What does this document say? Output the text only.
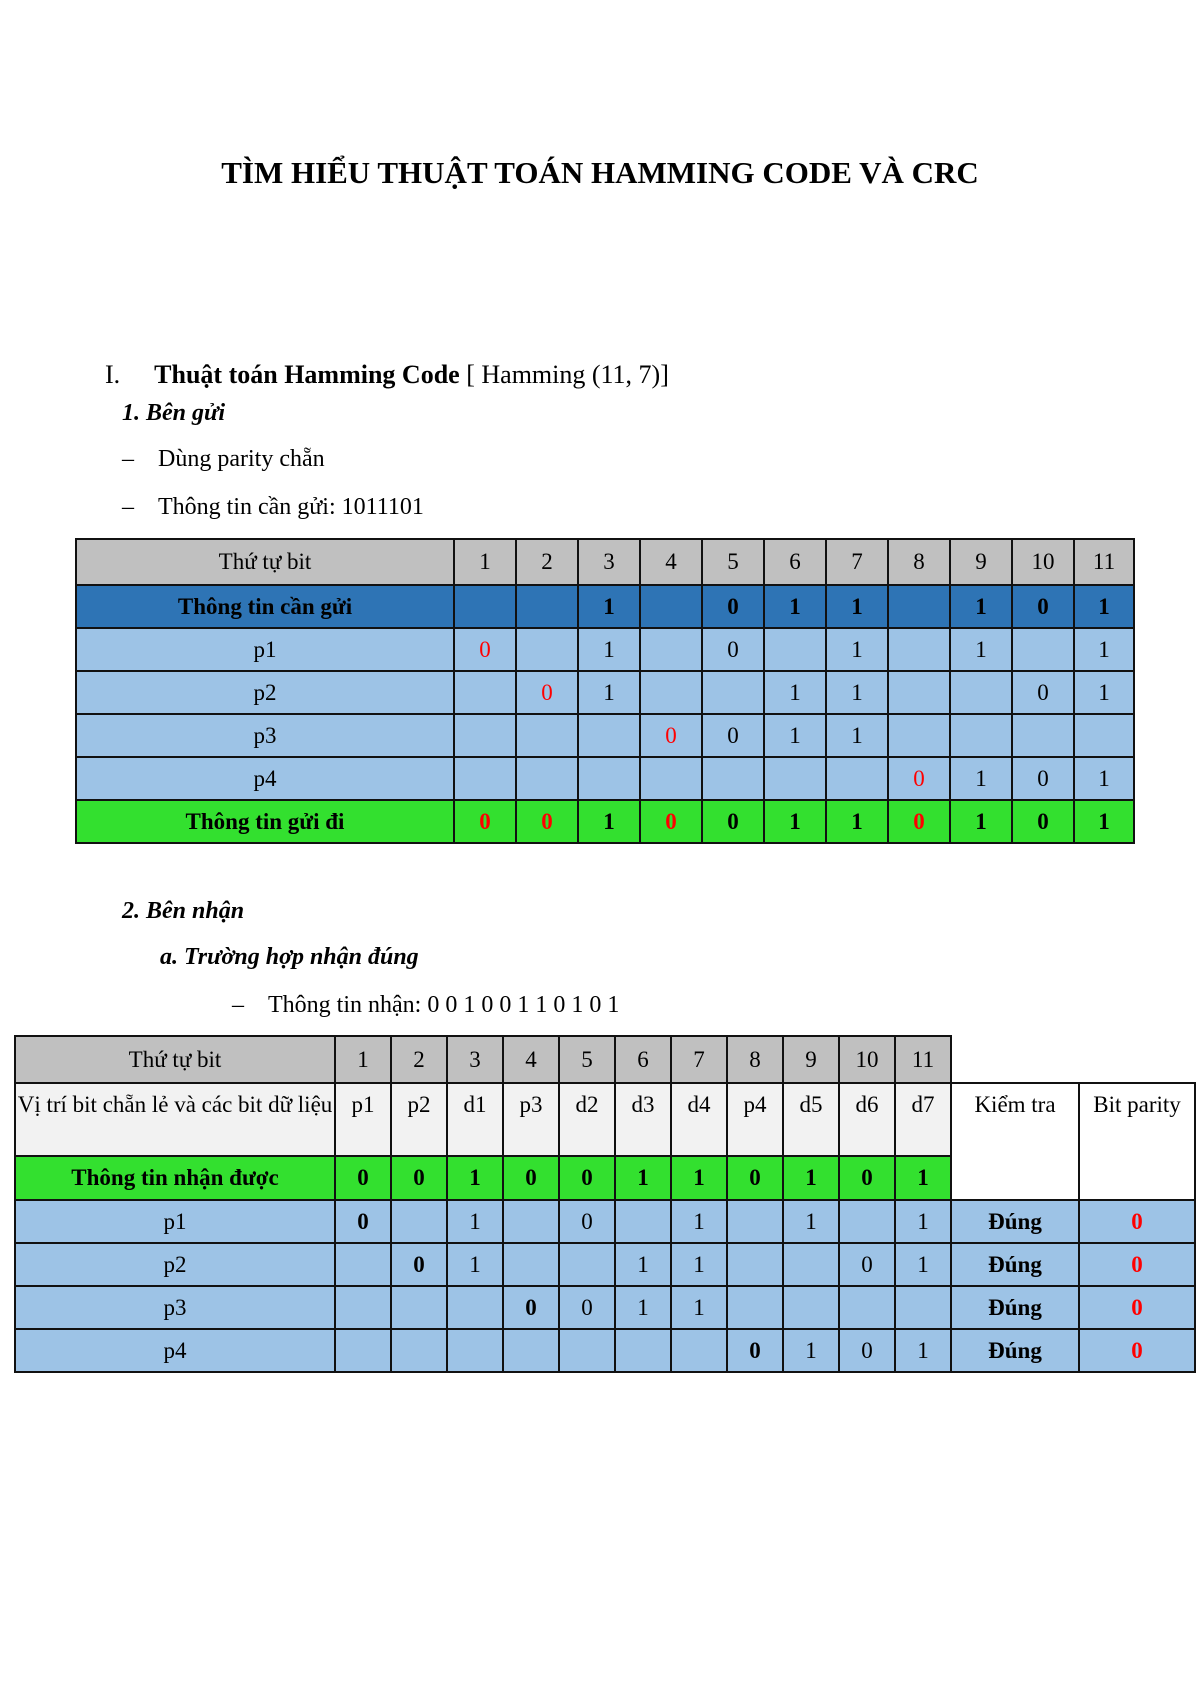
TÌM HIỂU THUẬT TOÁN HAMMING CODE VÀ CRC
I. Thuật toán Hamming Code [ Hamming (11, 7)]
1. Bên gửi
– Dùng parity chẵn
– Thông tin cần gửi: 1011101
Thứ tự bit	1	2	3	4	5	6	7	8	9	10	11
Thông tin cần gửi			1		0	1	1		1	0	1
p1	0		1		0		1		1		1
p2		0	1			1	1			0	1
p3				0	0	1	1				
p4								0	1	0	1
Thông tin gửi đi	0	0	1	0	0	1	1	0	1	0	1
2. Bên nhận
a. Trường hợp nhận đúng
– Thông tin nhận: 0 0 1 0 0 1 1 0 1 0 1
Thứ tự bit	1	2	3	4	5	6	7	8	9	10	11		
Vị trí bit chẵn lẻ và các bit dữ liệu	p1	p2	d1	p3	d2	d3	d4	p4	d5	d6	d7	Kiểm tra	Bit parity
Thông tin nhận được	0	0	1	0	0	1	1	0	1	0	1		
p1	0		1		0		1		1		1	Đúng	0
p2		0	1			1	1			0	1	Đúng	0
p3				0	0	1	1					Đúng	0
p4								0	1	0	1	Đúng	0
